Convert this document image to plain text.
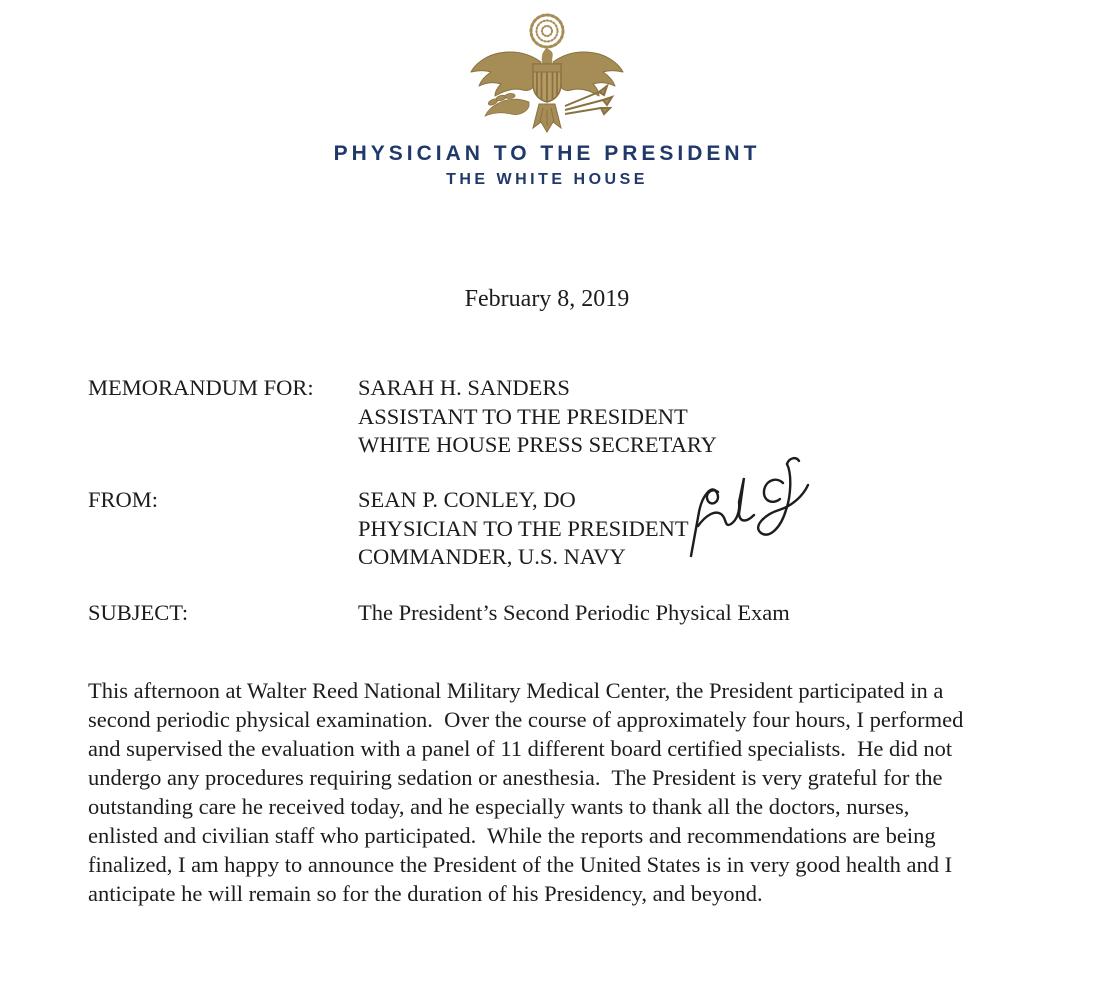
PHYSICIAN TO THE PRESIDENT
THE WHITE HOUSE
February 8, 2019
MEMORANDUM FOR:	SARAH H. SANDERS
ASSISTANT TO THE PRESIDENT
WHITE HOUSE PRESS SECRETARY
FROM:	SEAN P. CONLEY, DO
PHYSICIAN TO THE PRESIDENT
COMMANDER, U.S. NAVY
SUBJECT:	The President’s Second Periodic Physical Exam
This afternoon at Walter Reed National Military Medical Center, the President participated in a
second periodic physical examination.  Over the course of approximately four hours, I performed
and supervised the evaluation with a panel of 11 different board certified specialists.  He did not
undergo any procedures requiring sedation or anesthesia.  The President is very grateful for the
outstanding care he received today, and he especially wants to thank all the doctors, nurses,
enlisted and civilian staff who participated.  While the reports and recommendations are being
finalized, I am happy to announce the President of the United States is in very good health and I
anticipate he will remain so for the duration of his Presidency, and beyond.
